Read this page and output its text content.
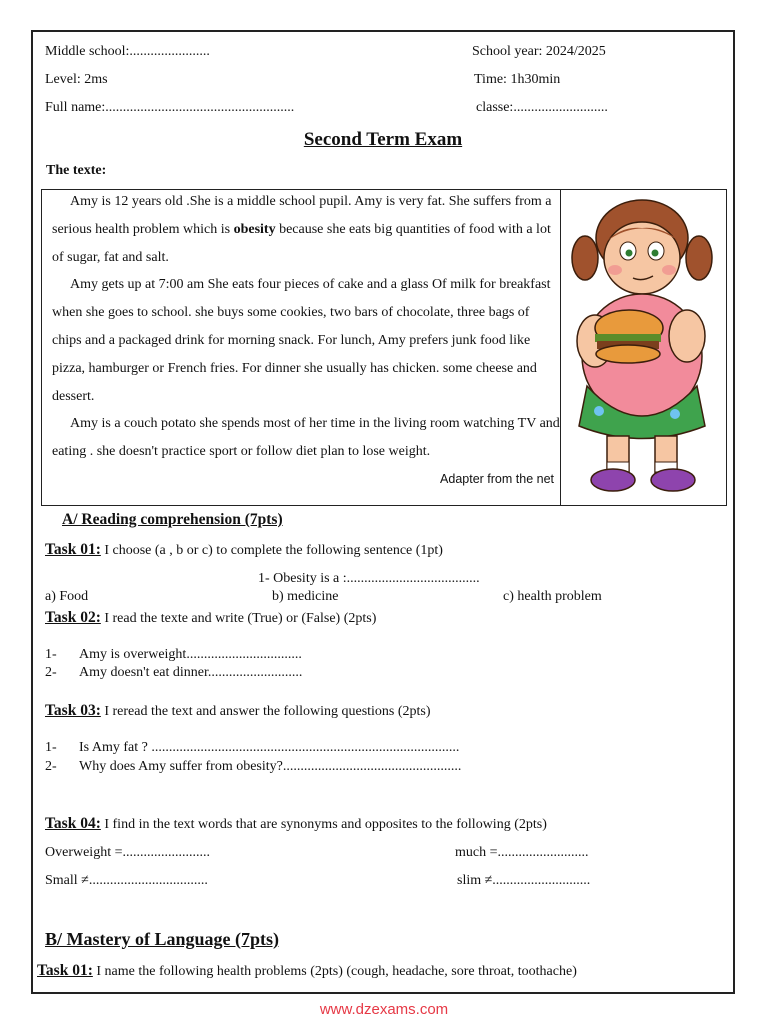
Middle school:.......................	School year: 2024/2025
Level: 2ms	Time: 1h30min
Full name:......................................................	classe:...........................
Second Term Exam
The texte:

Amy is 12 years old .She is a middle school pupil. Amy is very fat. She suffers from a serious health problem which is obesity because she eats big quantities of food with a lot of sugar, fat and salt.

Amy gets up at 7:00 am She eats four pieces of cake and a glass Of milk for breakfast when she goes to school. she buys some cookies, two bars of chocolate, three bags of chips and a packaged drink for morning snack. For lunch, Amy prefers junk food like pizza, hamburger or French fries. For dinner she usually has chicken. some cheese and dessert.

Amy is a couch potato she spends most of her time in the living room watching TV and eating . she doesn't practice sport or follow diet plan to lose weight.

Adapter from the net
A/ Reading comprehension (7pts)
Task 01: I choose (a , b or c) to complete the following sentence (1pt)
1- Obesity is a :......................................
a) Food	b) medicine	c) health problem
Task 02: I read the texte and write (True) or (False) (2pts)
1- Amy is overweight.................................
2- Amy doesn't eat dinner...........................
Task 03: I reread the text and answer the following questions (2pts)
1- Is Amy fat ? ........................................................................................
2- Why does Amy suffer from obesity?...................................................
Task 04: I find in the text words that are synonyms and opposites to the following (2pts)
Overweight =.........................	much =..........................
Small ≠..................................	slim ≠............................
B/ Mastery of Language (7pts)
Task 01: I name the following health problems (2pts) (cough, headache, sore throat, toothache)
www.dzexams.com
